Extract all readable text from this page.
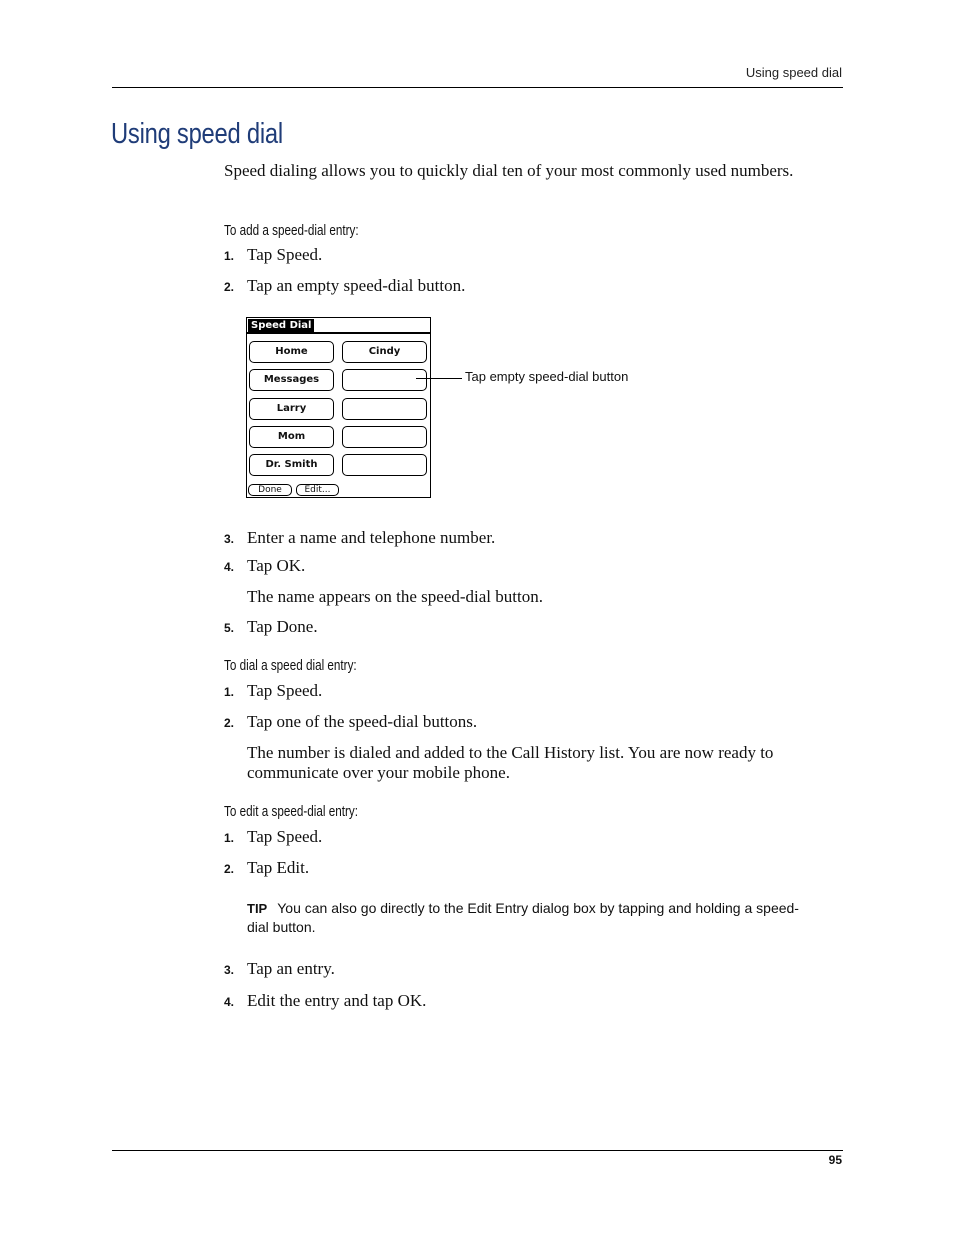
Using speed dial
Using speed dial
Speed dialing allows you to quickly dial ten of your most commonly used numbers.
To add a speed-dial entry:
1. Tap Speed.
2. Tap an empty speed-dial button.
Speed Dial
Home
Messages
Larry
Mom
Dr. Smith
Cindy
Done	Edit...
Tap empty speed-dial button
3. Enter a name and telephone number.
4. Tap OK.
The name appears on the speed-dial button.
5. Tap Done.
To dial a speed dial entry:
1. Tap Speed.
2. Tap one of the speed-dial buttons.
The number is dialed and added to the Call History list. You are now ready to communicate over your mobile phone.
To edit a speed-dial entry:
1. Tap Speed.
2. Tap Edit.
TIP You can also go directly to the Edit Entry dialog box by tapping and holding a speed-dial button.
3. Tap an entry.
4. Edit the entry and tap OK.
95
